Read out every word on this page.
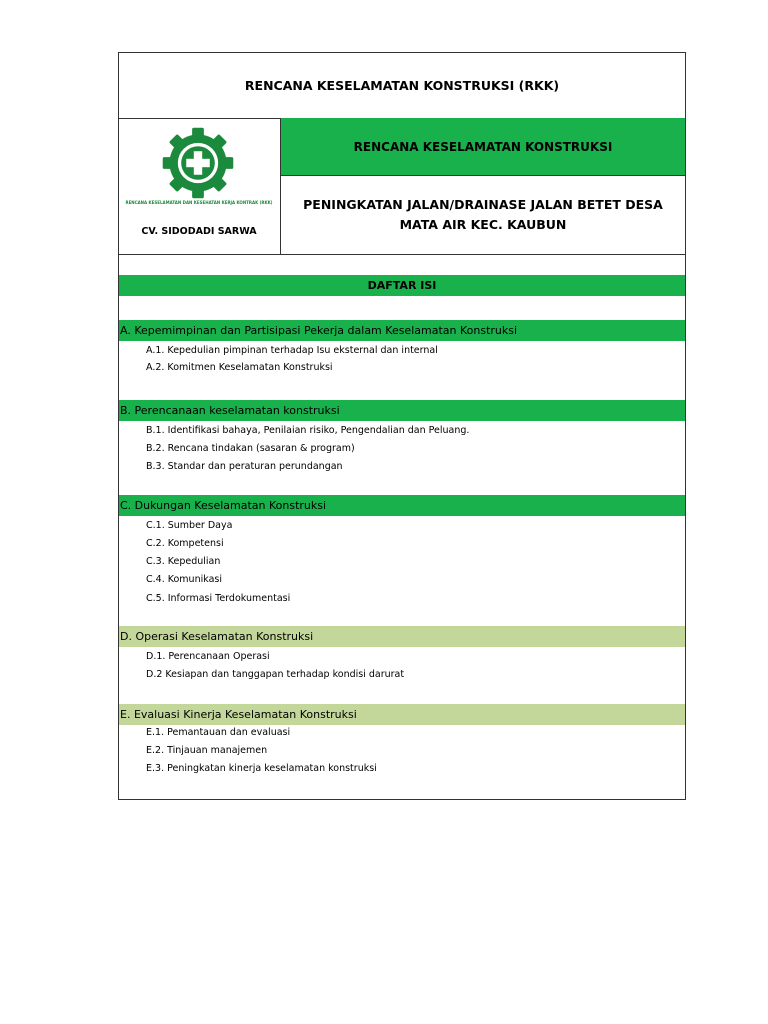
RENCANA KESELAMATAN KONSTRUKSI (RKK)
RENCANA KESELAMATAN DAN KESEHATAN KERJA KONTRAK (RKK)
CV. SIDODADI SARWA
RENCANA KESELAMATAN KONSTRUKSI
PENINGKATAN JALAN/DRAINASE JALAN BETET DESA MATA AIR KEC. KAUBUN
DAFTAR ISI
A. Kepemimpinan dan Partisipasi Pekerja dalam Keselamatan Konstruksi
A.1. Kepedulian pimpinan terhadap Isu eksternal dan internal
A.2. Komitmen Keselamatan Konstruksi
B. Perencanaan keselamatan konstruksi
B.1. Identifikasi bahaya, Penilaian risiko, Pengendalian dan Peluang.
B.2. Rencana tindakan (sasaran & program)
B.3. Standar dan peraturan perundangan
C. Dukungan Keselamatan Konstruksi
C.1. Sumber Daya
C.2. Kompetensi
C.3. Kepedulian
C.4. Komunikasi
C.5. Informasi Terdokumentasi
D. Operasi Keselamatan Konstruksi
D.1. Perencanaan Operasi
D.2 Kesiapan dan tanggapan terhadap kondisi darurat
E. Evaluasi Kinerja Keselamatan Konstruksi
E.1. Pemantauan dan evaluasi
E.2. Tinjauan manajemen
E.3. Peningkatan kinerja keselamatan konstruksi
